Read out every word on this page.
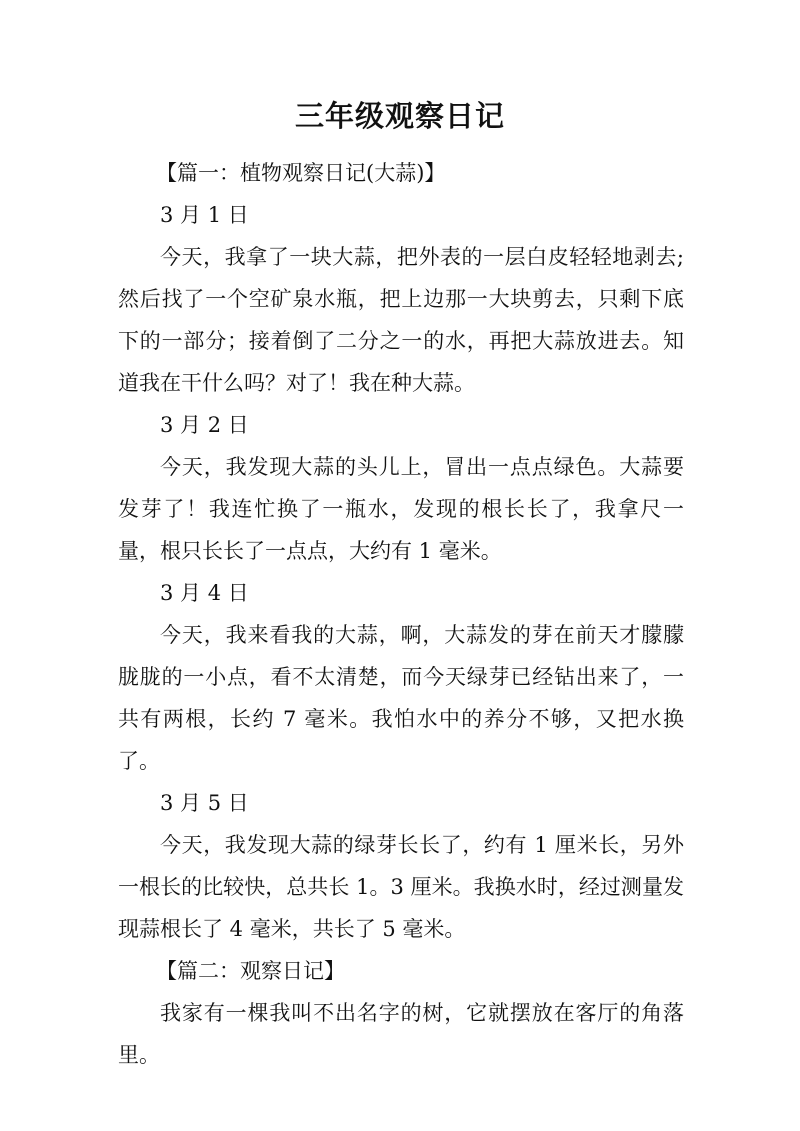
三年级观察日记

【篇一：植物观察日记(大蒜)】

3 月 1 日

今天，我拿了一块大蒜，把外表的一层白皮轻轻地剥去;然后找了一个空矿泉水瓶，把上边那一大块剪去，只剩下底下的一部分；接着倒了二分之一的水，再把大蒜放进去。知道我在干什么吗？对了！我在种大蒜。

3 月 2 日

今天，我发现大蒜的头儿上，冒出一点点绿色。大蒜要发芽了！我连忙换了一瓶水，发现的根长长了，我拿尺一量，根只长长了一点点，大约有 1 毫米。

3 月 4 日

今天，我来看我的大蒜，啊，大蒜发的芽在前天才朦朦胧胧的一小点，看不太清楚，而今天绿芽已经钻出来了，一共有两根，长约 7 毫米。我怕水中的养分不够，又把水换了。

3 月 5 日

今天，我发现大蒜的绿芽长长了，约有 1 厘米长，另外一根长的比较快，总共长 1。3 厘米。我换水时，经过测量发现蒜根长了 4 毫米，共长了 5 毫米。

【篇二：观察日记】

我家有一棵我叫不出名字的树，它就摆放在客厅的角落里。
